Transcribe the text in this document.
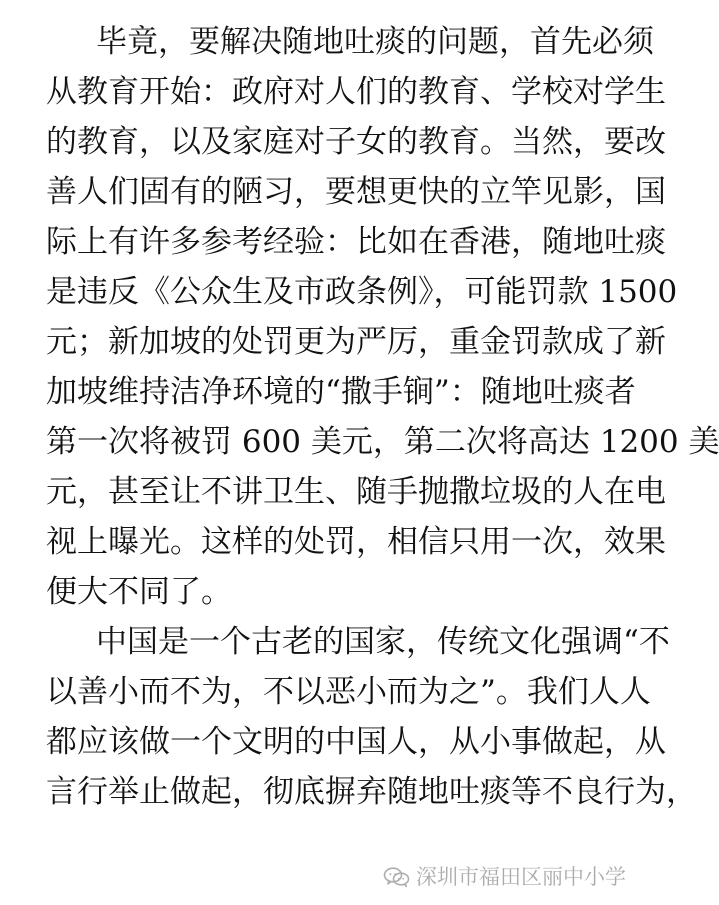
毕竟，要解决随地吐痰的问题，首先必须

从教育开始：政府对人们的教育、学校对学生

的教育，以及家庭对子女的教育。当然，要改

善人们固有的陋习，要想更快的立竿见影，国

际上有许多参考经验：比如在香港，随地吐痰

是违反《公众生及市政条例》，可能罚款 1500

元；新加坡的处罚更为严厉，重金罚款成了新

加坡维持洁净环境的“撒手锏”：随地吐痰者

第一次将被罚 600 美元，第二次将高达 1200 美

元，甚至让不讲卫生、随手抛撒垃圾的人在电

视上曝光。这样的处罚，相信只用一次，效果

便大不同了。

中国是一个古老的国家，传统文化强调“不

以善小而不为，不以恶小而为之”。我们人人

都应该做一个文明的中国人，从小事做起，从

言行举止做起，彻底摒弃随地吐痰等不良行为，

深圳市福田区丽中小学
